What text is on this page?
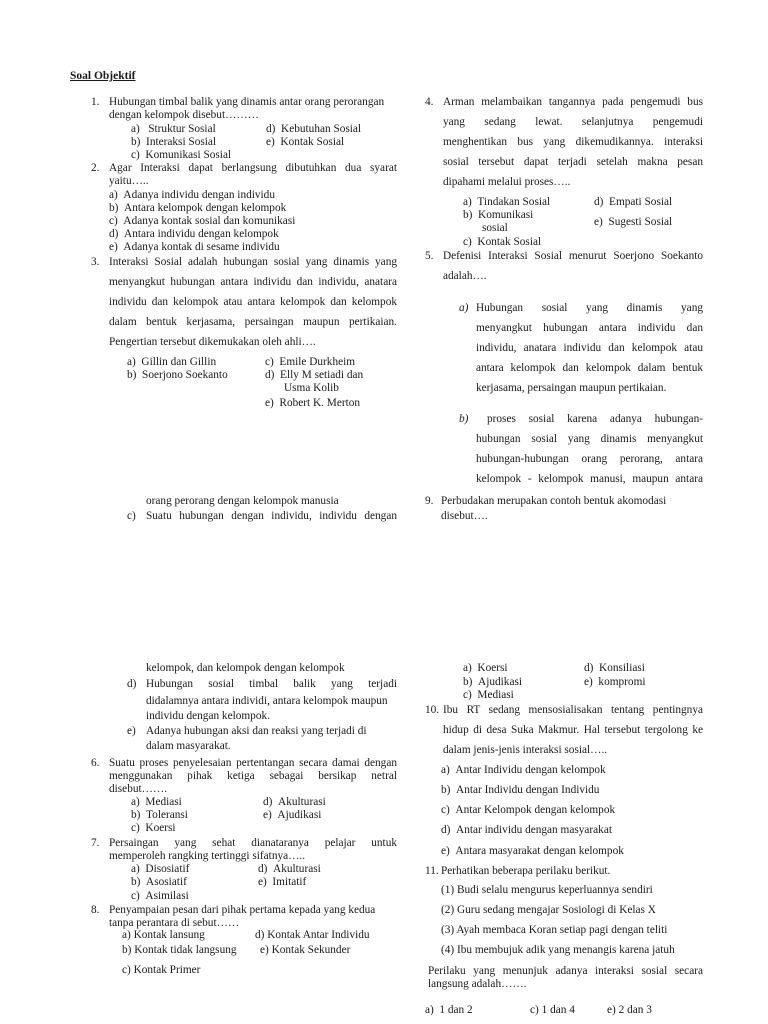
Soal Objektif
1. Hubungan timbal balik yang dinamis antar orang perorangan
dengan kelompok disebut………
a)   Struktur Sosial
b)  Interaksi Sosial
c)  Komunikasi Sosial
d)  Kebutuhan Sosial
e)  Kontak Sosial
2. Agar Interaksi dapat berlangsung dibutuhkan dua syarat
yaitu…..
a)  Adanya individu dengan individu
b)  Antara kelompok dengan kelompok
c)  Adanya kontak sosial dan komunikasi
d)  Antara individu dengan kelompok
e)  Adanya kontak di sesame individu
3. Interaksi Sosial adalah hubungan sosial yang dinamis yang
menyangkut hubungan antara individu dan individu, anatara
individu dan kelompok atau antara kelompok dan kelompok
dalam bentuk kerjasama, persaingan maupun pertikaian.
Pengertian tersebut dikemukakan oleh ahli….
a)  Gillin dan Gillin
b)  Soerjono Soekanto
c)  Emile Durkheim
d)  Elly M setiadi dan
Usma Kolib
e)  Robert K. Merton
orang perorang dengan kelompok manusia
c) Suatu hubungan dengan individu, individu dengan
kelompok, dan kelompok dengan kelompok
d) Hubungan sosial timbal balik yang terjadi
didalamnya antara individi, antara kelompok maupun
individu dengan kelompok.
e) Adanya hubungan aksi dan reaksi yang terjadi di
dalam masyarakat.
6. Suatu proses penyelesaian pertentangan secara damai dengan
menggunakan pihak ketiga sebagai bersikap netral
disebut…….
a)  Mediasi
b)  Toleransi
c)  Koersi
d)  Akulturasi
e)  Ajudikasi
7. Persaingan yang sehat dianataranya pelajar untuk
memperoleh rangking tertinggi sifatnya…..
a)  Disosiatif
b)  Asosiatif
c)  Asimilasi
d)  Akulturasi
e)  Imitatif
8. Penyampaian pesan dari pihak pertama kepada yang kedua
tanpa perantara di sebut……
a) Kontak lansung
b) Kontak tidak langsung
c) Kontak Primer
d) Kontak Antar Individu
e) Kontak Sekunder
4. Arman melambaikan tangannya pada pengemudi bus
yang sedang lewat. selanjutnya pengemudi
menghentikan bus yang dikemudikannya. interaksi
sosial tersebut dapat terjadi setelah makna pesan
dipahami melalui proses…..
a)  Tindakan Sosial
b)  Komunikasi
sosial
c)  Kontak Sosial
d)  Empati Sosial
e)  Sugesti Sosial
5. Defenisi Interaksi Sosial menurut Soerjono Soekanto
adalah….
a) Hubungan sosial yang dinamis yang
menyangkut hubungan antara individu dan
individu, anatara individu dan kelompok atau
antara kelompok dan kelompok dalam bentuk
kerjasama, persaingan maupun pertikaian.
b) proses sosial karena adanya hubungan-
hubungan sosial yang dinamis menyangkut
hubungan-hubungan orang perorang, antara
kelompok - kelompok manusi, maupun antara
9. Perbudakan merupakan contoh bentuk akomodasi
disebut….
a)  Koersi
b)  Ajudikasi
c)  Mediasi
d)  Konsiliasi
e)  kompromi
10. Ibu RT sedang mensosialisakan tentang pentingnya
hidup di desa Suka Makmur. Hal tersebut tergolong ke
dalam jenis-jenis interaksi sosial…..
a)  Antar Individu dengan kelompok
b)  Antar Individu dengan Individu
c)  Antar Kelompok dengan kelompok
d)  Antar individu dengan masyarakat
e)  Antara masyarakat dengan kelompok
11. Perhatikan beberapa perilaku berikut.
(1) Budi selalu mengurus keperluannya sendiri
(2) Guru sedang mengajar Sosiologi di Kelas X
(3) Ayah membaca Koran setiap pagi dengan teliti
(4) Ibu membujuk adik yang menangis karena jatuh
Perilaku yang menunjuk adanya interaksi sosial secara
langsung adalah…….
a)  1 dan 2	c) 1 dan 4	e) 2 dan 3
